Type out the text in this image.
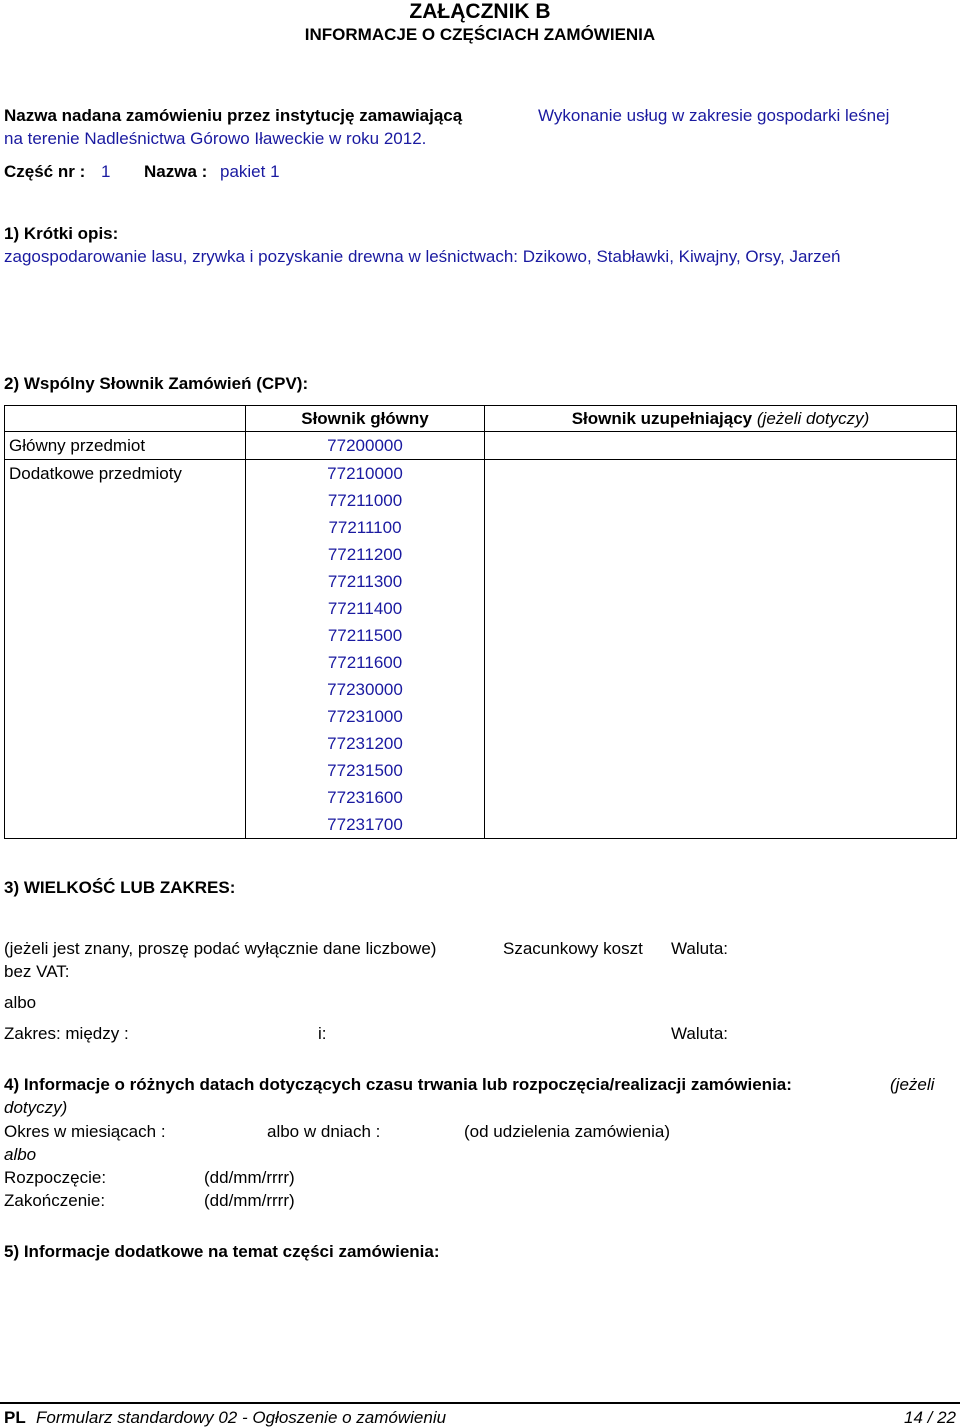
ZAŁĄCZNIK B
INFORMACJE O CZĘŚCIACH ZAMÓWIENIA
Nazwa nadana zamówieniu przez instytucję zamawiającą	Wykonanie usług w zakresie gospodarki leśnej
na terenie Nadleśnictwa Górowo Iławeckie w roku 2012.
Część nr : 1 Nazwa : pakiet 1
1) Krótki opis:
zagospodarowanie lasu, zrywka i pozyskanie drewna w leśnictwach: Dzikowo, Stabławki, Kiwajny, Orsy, Jarzeń
2) Wspólny Słownik Zamówień (CPV):
	Słownik główny	Słownik uzupełniający (jeżeli dotyczy)
Główny przedmiot	77200000	
Dodatkowe przedmioty	77210000	
	77211000	
	77211100	
	77211200	
	77211300	
	77211400	
	77211500	
	77211600	
	77230000	
	77231000	
	77231200	
	77231500	
	77231600	
	77231700	
3) WIELKOŚĆ LUB ZAKRES:
(jeżeli jest znany, proszę podać wyłącznie dane liczbowe)	Szacunkowy koszt Waluta:
bez VAT:
albo
Zakres: między :	i:	Waluta:
4) Informacje o różnych datach dotyczących czasu trwania lub rozpoczęcia/realizacji zamówienia:	(jeżeli
dotyczy)
Okres w miesiącach :	albo w dniach :	(od udzielenia zamówienia)
albo
Rozpoczęcie:	(dd/mm/rrrr)
Zakończenie:	(dd/mm/rrrr)
5) Informacje dodatkowe na temat części zamówienia:
PL Formularz standardowy 02 - Ogłoszenie o zamówieniu	14 / 22
